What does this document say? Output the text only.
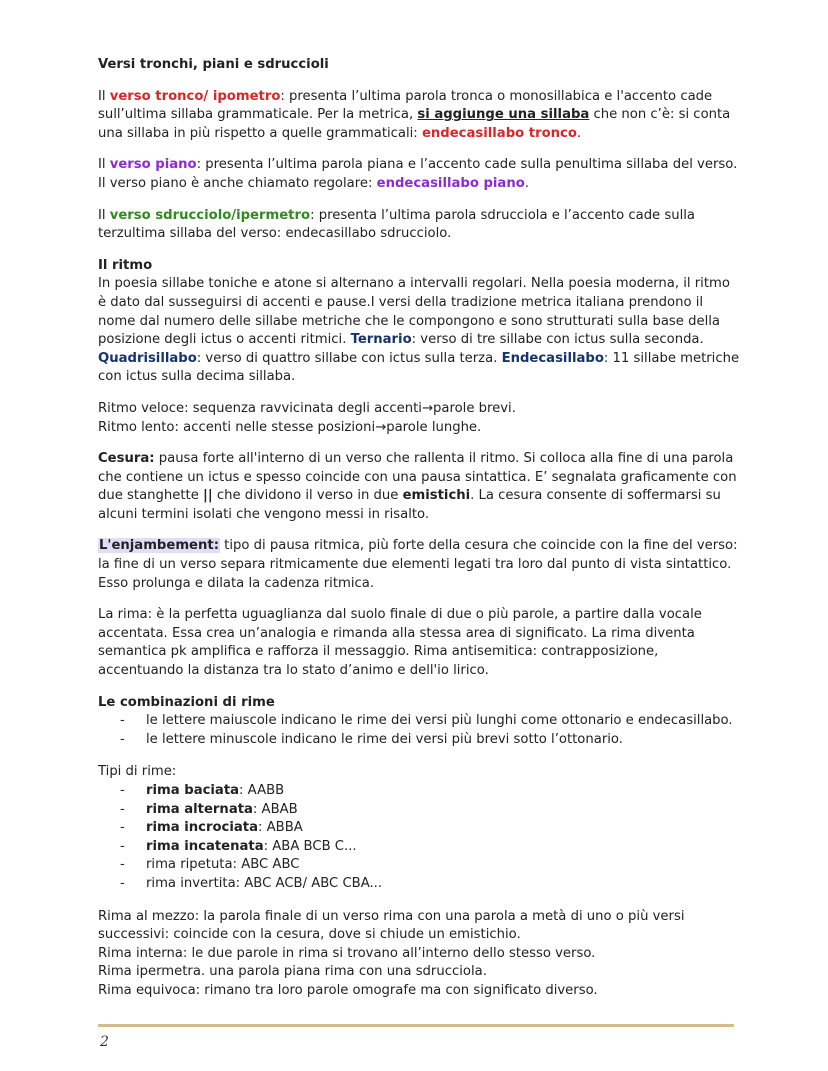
Versi tronchi, piani e sdruccioli

Il verso tronco/ ipometro: presenta l’ultima parola tronca o monosillabica e l'accento cade sull’ultima sillaba grammaticale. Per la metrica, si aggiunge una sillaba che non c’è: si conta una sillaba in più rispetto a quelle grammaticali: endecasillabo tronco.

Il verso piano: presenta l’ultima parola piana e l’accento cade sulla penultima sillaba del verso. Il verso piano è anche chiamato regolare: endecasillabo piano.

Il verso sdrucciolo/ipermetro: presenta l’ultima parola sdrucciola e l’accento cade sulla terzultima sillaba del verso: endecasillabo sdrucciolo.

Il ritmo

In poesia sillabe toniche e atone si alternano a intervalli regolari. Nella poesia moderna, il ritmo è dato dal susseguirsi di accenti e pause.I versi della tradizione metrica italiana prendono il nome dal numero delle sillabe metriche che le compongono e sono strutturati sulla base della posizione degli ictus o accenti ritmici. Ternario: verso di tre sillabe con ictus sulla seconda. Quadrisillabo: verso di quattro sillabe con ictus sulla terza. Endecasillabo: 11 sillabe metriche con ictus sulla decima sillaba.

Ritmo veloce: sequenza ravvicinata degli accenti→parole brevi.

Ritmo lento: accenti nelle stesse posizioni→parole lunghe.

Cesura: pausa forte all'interno di un verso che rallenta il ritmo. Si colloca alla fine di una parola che contiene un ictus e spesso coincide con una pausa sintattica. E’ segnalata graficamente con due stanghette || che dividono il verso in due emistichi. La cesura consente di soffermarsi su alcuni termini isolati che vengono messi in risalto.

L'enjambement: tipo di pausa ritmica, più forte della cesura che coincide con la fine del verso: la fine di un verso separa ritmicamente due elementi legati tra loro dal punto di vista sintattico. Esso prolunga e dilata la cadenza ritmica.

La rima: è la perfetta uguaglianza dal suolo finale di due o più parole, a partire dalla vocale accentata. Essa crea un’analogia e rimanda alla stessa area di significato. La rima diventa semantica pk amplifica e rafforza il messaggio. Rima antisemitica: contrapposizione, accentuando la distanza tra lo stato d’animo e dell'io lirico.

Le combinazioni di rime

- le lettere maiuscole indicano le rime dei versi più lunghi come ottonario e endecasillabo.
- le lettere minuscole indicano le rime dei versi più brevi sotto l’ottonario.

Tipi di rime:

- rima baciata: AABB
- rima alternata: ABAB
- rima incrociata: ABBA
- rima incatenata: ABA BCB C...
- rima ripetuta: ABC ABC
- rima invertita: ABC ACB/ ABC CBA...

Rima al mezzo: la parola finale di un verso rima con una parola a metà di uno o più versi successivi: coincide con la cesura, dove si chiude un emistichio.

Rima interna: le due parole in rima si trovano all’interno dello stesso verso.

Rima ipermetra. una parola piana rima con una sdrucciola.

Rima equivoca: rimano tra loro parole omografe ma con significato diverso.

2
